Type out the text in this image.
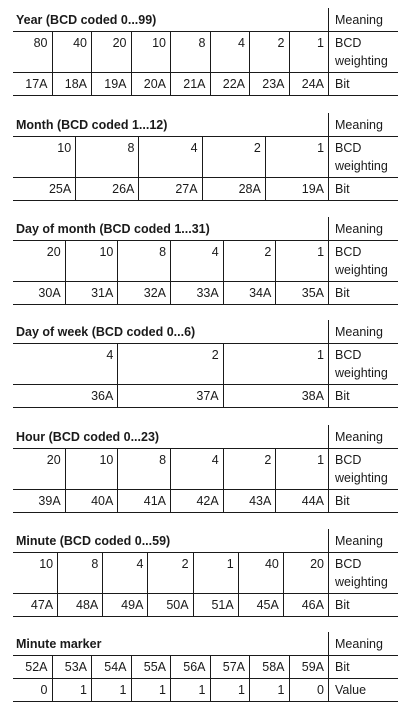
Year (BCD coded 0...99)	Meaning
80	40	20	10	8	4	2	1 BCD
weighting
17A	18A	19A	20A	21A	22A	23A	24A Bit
Month (BCD coded 1...12)	Meaning
10	8	4	2	1 BCD
weighting
25A	26A	27A	28A	19A Bit
Day of month (BCD coded 1...31)	Meaning
20	10	8	4	2	1 BCD
weighting
30A	31A	32A	33A	34A	35A Bit
Day of week (BCD coded 0...6)	Meaning
4	2	1 BCD
weighting
36A	37A	38A Bit
Hour (BCD coded 0...23)	Meaning
20	10	8	4	2	1 BCD
weighting
39A	40A	41A	42A	43A	44A Bit
Minute (BCD coded 0...59)	Meaning
10	8	4	2	1	40	20 BCD
weighting
47A	48A	49A	50A	51A	45A	46A Bit
Minute marker	Meaning
52A	53A	54A	55A	56A	57A	58A	59A Bit
0	1	1	1	1	1	1	0 Value
